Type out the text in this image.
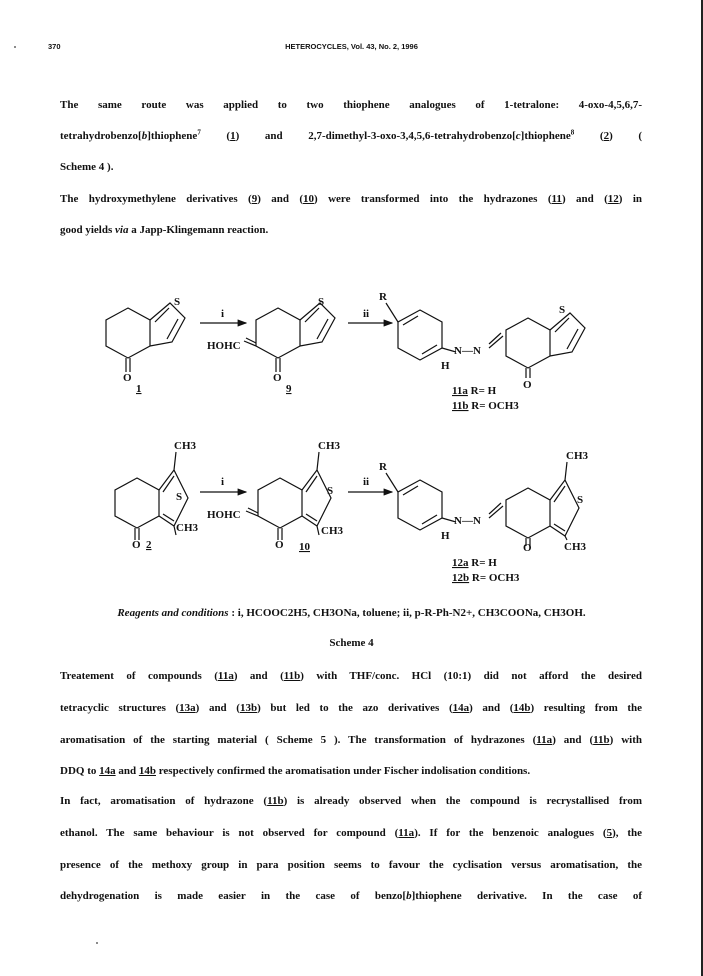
370	HETEROCYCLES, Vol. 43, No. 2, 1996
The same route was applied to two thiophene analogues of 1-tetralone: 4-oxo-4,5,6,7-
tetrahydrobenzo[b]thiophene$^7$ (1) and 2,7-dimethyl-3-oxo-3,4,5,6-tetrahydrobenzo[c]thiophene$^8$ (2) (
Scheme 4 ).
The hydroxymethylene derivatives (9) and (10) were transformed into the hydrazones (11) and (12) in
good yields via a Japp-Klingemann reaction.
S
O
1
i
S
O
HOHC
9
ii
R
N—N
H
S
O
11a R= H
11b R= OCH3
CH3
S
CH3
O 2
i
CH3
S
CH3
O
HOHC
10
ii
R
N—N
H
CH3
S
CH3
O
12a R= H
12b R= OCH3
Reagents and conditions : i, HCOOC2H5, CH3ONa, toluene; ii, p-R-Ph-N2+, CH3COONa, CH3OH.
Scheme 4
Treatement of compounds (11a) and (11b) with THF/conc. HCl (10:1) did not afford the desired
tetracyclic structures (13a) and (13b) but led to the azo derivatives (14a) and (14b) resulting from the
aromatisation of the starting material ( Scheme 5 ). The transformation of hydrazones (11a) and (11b) with
DDQ to 14a and 14b respectively confirmed the aromatisation under Fischer indolisation conditions.
In fact, aromatisation of hydrazone (11b) is already observed when the compound is recrystallised from
ethanol. The same behaviour is not observed for compound (11a). If for the benzenoic analogues (5), the
presence of the methoxy group in para position seems to favour the cyclisation versus aromatisation, the
dehydrogenation is made easier in the case of benzo[b]thiophene derivative. In the case of
